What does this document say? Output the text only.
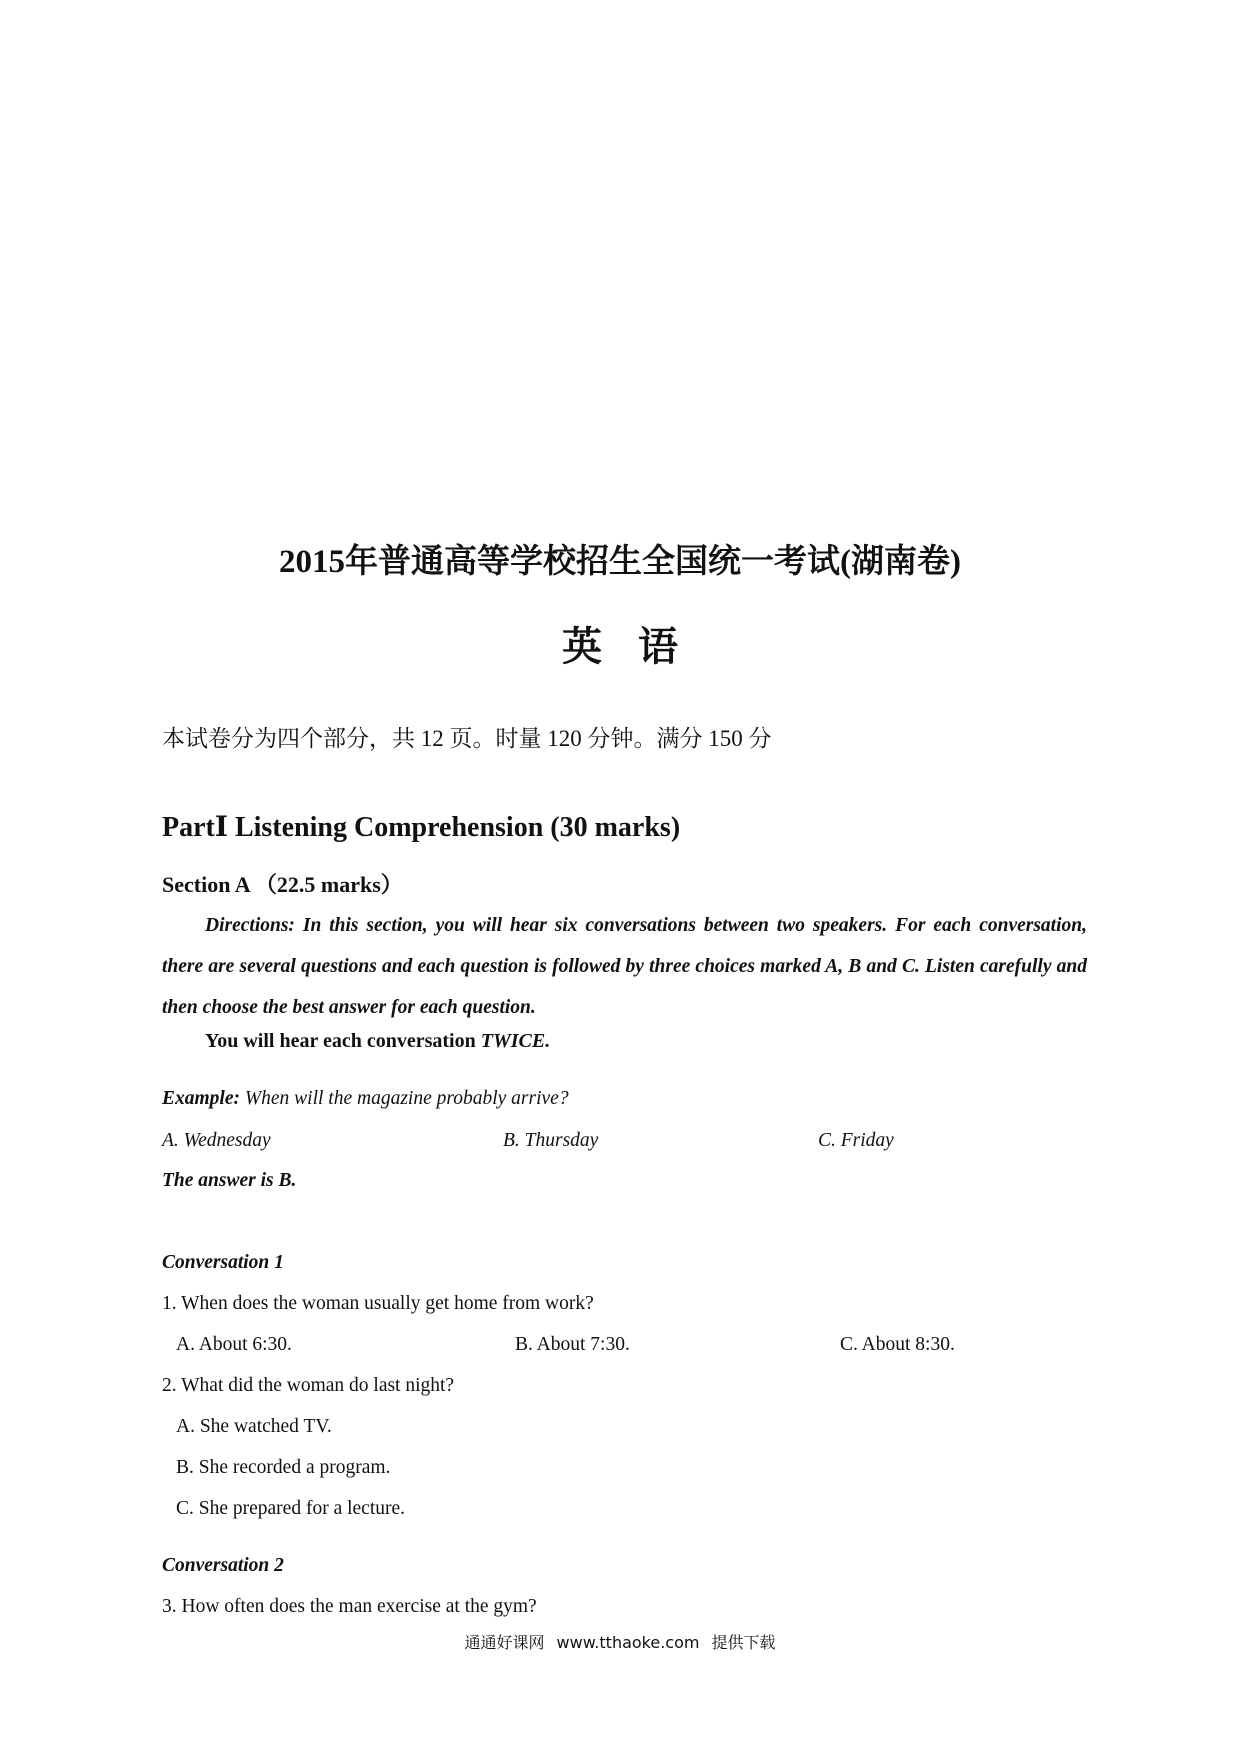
2015年普通高等学校招生全国统一考试(湖南卷)
英语
本试卷分为四个部分，共 12 页。时量 120 分钟。满分 150 分
PartⅠ Listening Comprehension (30 marks)
Section A （22.5 marks）
Directions: In this section, you will hear six conversations between two speakers. For each conversation, there are several questions and each question is followed by three choices marked A, B and C. Listen carefully and then choose the best answer for each question.
You will hear each conversation TWICE.
Example: When will the magazine probably arrive?
A. Wednesday	B. Thursday	C. Friday
The answer is B.
Conversation 1
1. When does the woman usually get home from work?
A. About 6:30.	B. About 7:30.	C. About 8:30.
2. What did the woman do last night?
A. She watched TV.
B. She recorded a program.
C. She prepared for a lecture.
Conversation 2
3. How often does the man exercise at the gym?
通通好课网 www.tthaoke.com 提供下载
